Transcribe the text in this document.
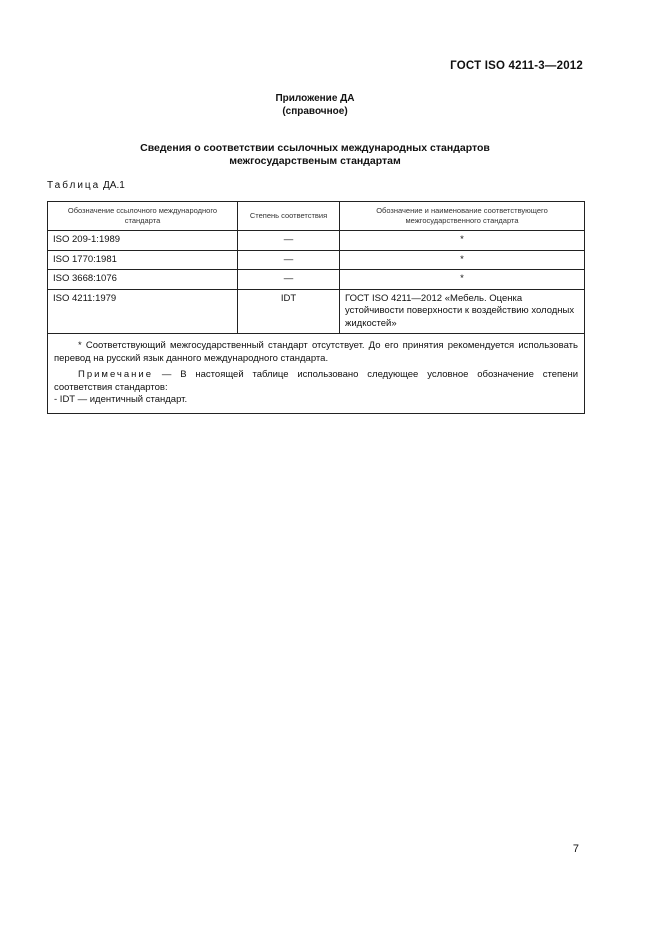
ГОСТ ISO 4211-3—2012
Приложение ДА
(справочное)
Сведения о соответствии ссылочных международных стандартов
межгосударственым стандартам
Таблица ДА.1
Обозначение ссылочного международного стандарта	Степень соответствия	Обозначение и наименование соответствующего межгосударственного стандарта
ISO 209-1:1989	—	*
ISO 1770:1981	—	*
ISO 3668:1076	—	*
ISO 4211:1979	IDT	ГОСТ ISO 4211—2012 «Мебель. Оценка устойчивости поверхности к воздействию холодных жидкостей»

* Соответствующий межгосударственный стандарт отсутствует. До его принятия рекомендуется использовать перевод на русский язык данного международного стандарта.

Примечание — В настоящей таблице использовано следующее условное обозначение степени соответствия стандартов:

- IDT — идентичный стандарт.		

7
